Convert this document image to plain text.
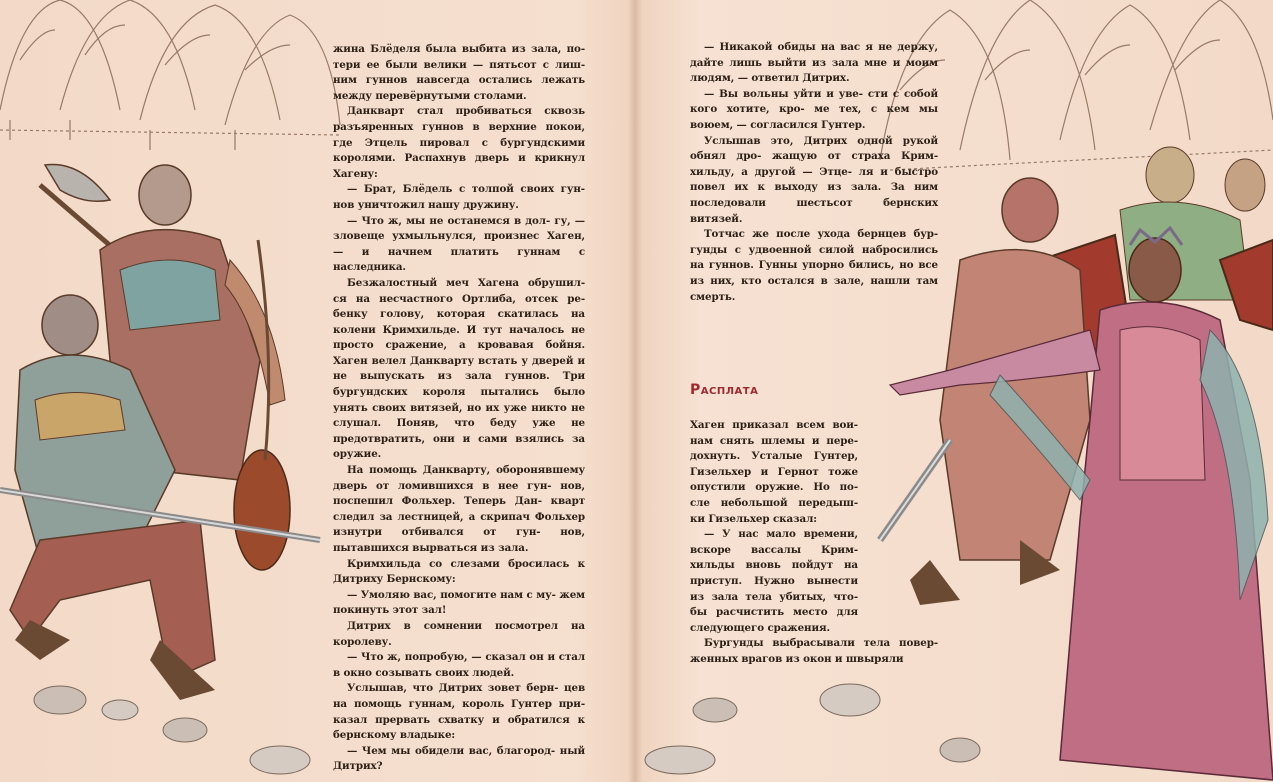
жина Блёделя была выбита из зала, по- тери ее были велики — пятьсот с лиш- ним гуннов навсегда остались лежать между перевёрнутыми столами.

Данкварт стал пробиваться сквозь разъяренных гуннов в верхние покои, где Этцель пировал с бургундскими королями. Распахнув дверь и крикнул Хагену:

— Брат, Блёдель с толпой своих гун- нов уничтожил нашу дружину.

— Что ж, мы не останемся в дол- гу, — зловеще ухмыльнулся, произнес Хаген, — и начнем платить гуннам с наследника.

Безжалостный меч Хагена обрушил- ся на несчастного Ортлиба, отсек ре- бенку голову, которая скатилась на колени Кримхильде. И тут началось не просто сражение, а кровавая бойня. Хаген велел Данкварту встать у дверей и не выпускать из зала гуннов. Три бургундских короля пытались было унять своих витязей, но их уже никто не слушал. Поняв, что беду уже не предотвратить, они и сами взялись за оружие.

На помощь Данкварту, оборонявшему дверь от ломившихся в нее гун- нов, поспешил Фольхер. Теперь Дан- кварт следил за лестницей, а скрипач Фольхер изнутри отбивался от гун- нов, пытавшихся вырваться из зала.

Кримхильда со слезами бросилась к Дитриху Бернскому:

— Умоляю вас, помогите нам с му- жем покинуть этот зал!

Дитрих в сомнении посмотрел на королеву.

— Что ж, попробую, — сказал он и стал в окно созывать своих людей.

Услышав, что Дитрих зовет берн- цев на помощь гуннам, король Гунтер при- казал прервать схватку и обратился к бернскому владыке:

— Чем мы обидели вас, благород- ный Дитрих?

— Никакой обиды на вас я не держу, дайте лишь выйти из зала мне и моим людям, — ответил Дитрих.

— Вы вольны уйти и уве- сти с собой кого хотите, кро- ме тех, с кем мы воюем, — согласился Гунтер.

Услышав это, Дитрих одной рукой обнял дро- жащую от страха Крим- хильду, а другой — Этце- ля и быстро повел их к выходу из зала. За ним последовали шестьсот бернских витязей.

Тотчас же после ухода бернцев бур- гунды с удвоенной силой набросились на гуннов. Гунны упорно бились, но все из них, кто остался в зале, нашли там смерть.

Расплата

Хаген приказал всем вои- нам снять шлемы и пере- дохнуть. Усталые Гунтер, Гизельхер и Гернот тоже опустили оружие. Но по- сле небольшой передыш- ки Гизельхер сказал:

— У нас мало времени, вскоре вассалы Крим- хильды вновь пойдут на приступ. Нужно вынести из зала тела убитых, что- бы расчистить место для следующего сражения.

Бургунды выбрасывали тела повер- женных врагов из окон и швыряли
